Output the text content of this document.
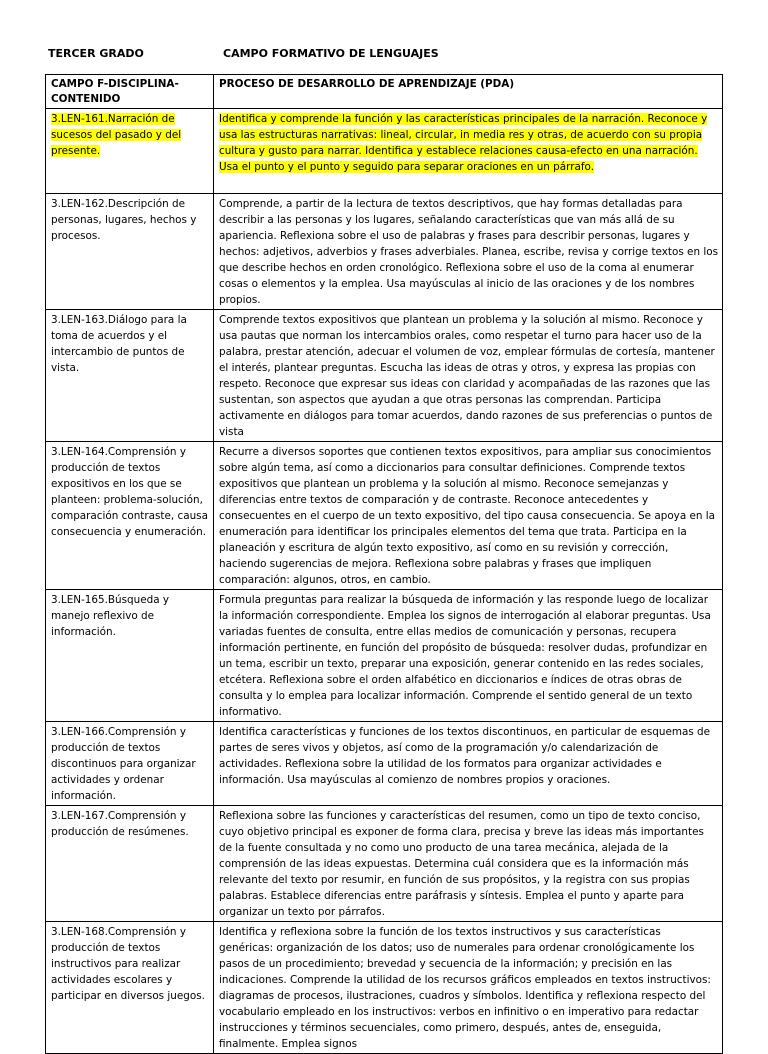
TERCER GRADO	CAMPO FORMATIVO DE LENGUAJES
CAMPO F-DISCIPLINA-CONTENIDO	PROCESO DE DESARROLLO DE APRENDIZAJE (PDA)
3.LEN-161.Narración de sucesos del pasado y del presente.	Identifica y comprende la función y las características principales de la narración. Reconoce y usa las estructuras narrativas: lineal, circular, in media res y otras, de acuerdo con su propia cultura y gusto para narrar. Identifica y establece relaciones causa-efecto en una narración. Usa el punto y el punto y seguido para separar oraciones en un párrafo.
3.LEN-162.Descripción de personas, lugares, hechos y procesos.	Comprende, a partir de la lectura de textos descriptivos, que hay formas detalladas para describir a las personas y los lugares, señalando características que van más allá de su apariencia. Reflexiona sobre el uso de palabras y frases para describir personas, lugares y hechos: adjetivos, adverbios y frases adverbiales. Planea, escribe, revisa y corrige textos en los que describe hechos en orden cronológico. Reflexiona sobre el uso de la coma al enumerar cosas o elementos y la emplea. Usa mayúsculas al inicio de las oraciones y de los nombres propios.
3.LEN-163.Diálogo para la toma de acuerdos y el intercambio de puntos de vista.	Comprende textos expositivos que plantean un problema y la solución al mismo. Reconoce y usa pautas que norman los intercambios orales, como respetar el turno para hacer uso de la palabra, prestar atención, adecuar el volumen de voz, emplear fórmulas de cortesía, mantener el interés, plantear preguntas. Escucha las ideas de otras y otros, y expresa las propias con respeto. Reconoce que expresar sus ideas con claridad y acompañadas de las razones que las sustentan, son aspectos que ayudan a que otras personas las comprendan. Participa activamente en diálogos para tomar acuerdos, dando razones de sus preferencias o puntos de vista
3.LEN-164.Comprensión y producción de textos expositivos en los que se planteen: problema-solución, comparación contraste, causa consecuencia y enumeración.	Recurre a diversos soportes que contienen textos expositivos, para ampliar sus conocimientos sobre algún tema, así como a diccionarios para consultar definiciones. Comprende textos expositivos que plantean un problema y la solución al mismo. Reconoce semejanzas y diferencias entre textos de comparación y de contraste. Reconoce antecedentes y consecuentes en el cuerpo de un texto expositivo, del tipo causa consecuencia. Se apoya en la enumeración para identificar los principales elementos del tema que trata. Participa en la planeación y escritura de algún texto expositivo, así como en su revisión y corrección, haciendo sugerencias de mejora. Reflexiona sobre palabras y frases que impliquen comparación: algunos, otros, en cambio.
3.LEN-165.Búsqueda y manejo reflexivo de información.	Formula preguntas para realizar la búsqueda de información y las responde luego de localizar la información correspondiente. Emplea los signos de interrogación al elaborar preguntas. Usa variadas fuentes de consulta, entre ellas medios de comunicación y personas, recupera información pertinente, en función del propósito de búsqueda: resolver dudas, profundizar en un tema, escribir un texto, preparar una exposición, generar contenido en las redes sociales, etcétera. Reflexiona sobre el orden alfabético en diccionarios e índices de otras obras de consulta y lo emplea para localizar información. Comprende el sentido general de un texto informativo.
3.LEN-166.Comprensión y producción de textos discontinuos para organizar actividades y ordenar información.	Identifica características y funciones de los textos discontinuos, en particular de esquemas de partes de seres vivos y objetos, así como de la programación y/o calendarización de actividades. Reflexiona sobre la utilidad de los formatos para organizar actividades e información. Usa mayúsculas al comienzo de nombres propios y oraciones.
3.LEN-167.Comprensión y producción de resúmenes.	Reflexiona sobre las funciones y características del resumen, como un tipo de texto conciso, cuyo objetivo principal es exponer de forma clara, precisa y breve las ideas más importantes de la fuente consultada y no como uno producto de una tarea mecánica, alejada de la comprensión de las ideas expuestas. Determina cuál considera que es la información más relevante del texto por resumir, en función de sus propósitos, y la registra con sus propias palabras. Establece diferencias entre paráfrasis y síntesis. Emplea el punto y aparte para organizar un texto por párrafos.
3.LEN-168.Comprensión y producción de textos instructivos para realizar actividades escolares y participar en diversos juegos.	Identifica y reflexiona sobre la función de los textos instructivos y sus características genéricas: organización de los datos; uso de numerales para ordenar cronológicamente los pasos de un procedimiento; brevedad y secuencia de la información; y precisión en las indicaciones. Comprende la utilidad de los recursos gráficos empleados en textos instructivos: diagramas de procesos, ilustraciones, cuadros y símbolos. Identifica y reflexiona respecto del vocabulario empleado en los instructivos: verbos en infinitivo o en imperativo para redactar instrucciones y términos secuenciales, como primero, después, antes de, enseguida, finalmente. Emplea signos
